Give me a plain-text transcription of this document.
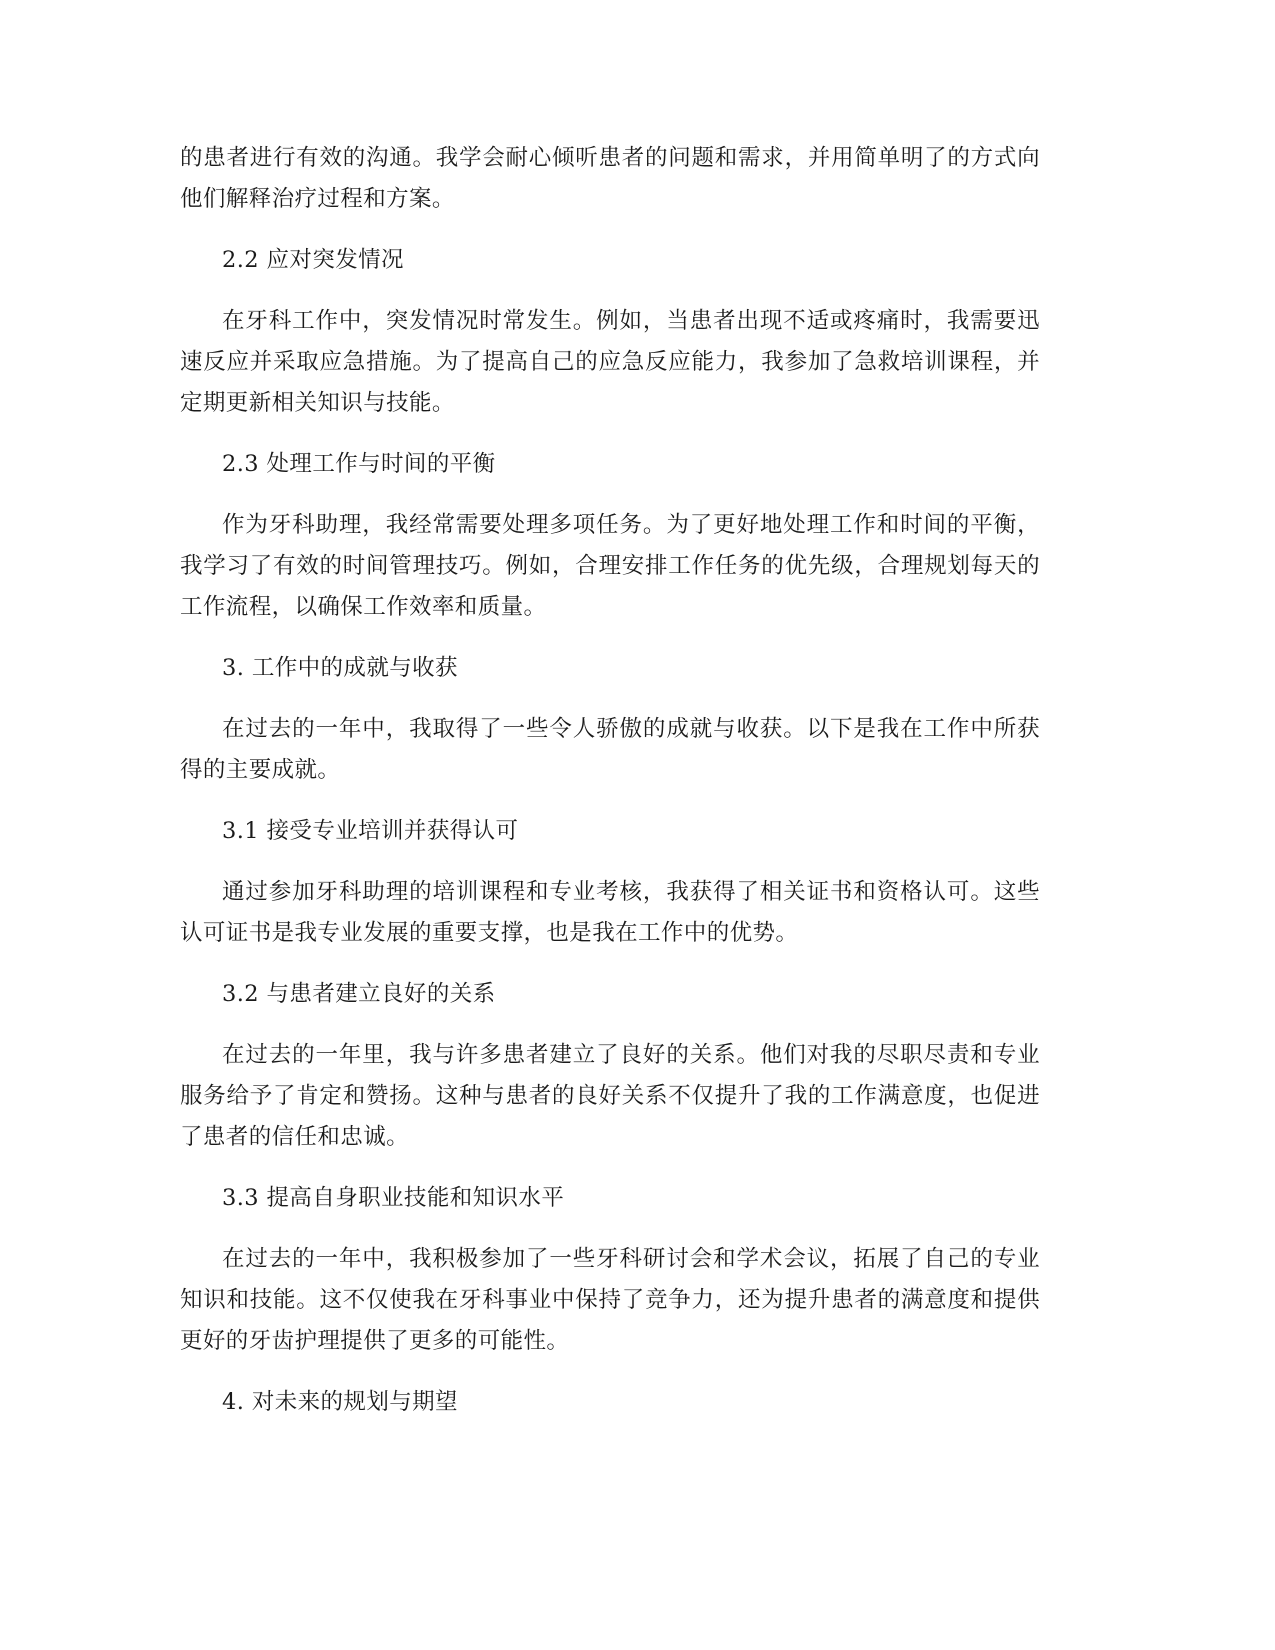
的患者进行有效的沟通。我学会耐心倾听患者的问题和需求，并用简单明了的方式向他们解释治疗过程和方案。

2.2 应对突发情况

在牙科工作中，突发情况时常发生。例如，当患者出现不适或疼痛时，我需要迅速反应并采取应急措施。为了提高自己的应急反应能力，我参加了急救培训课程，并定期更新相关知识与技能。

2.3 处理工作与时间的平衡

作为牙科助理，我经常需要处理多项任务。为了更好地处理工作和时间的平衡，我学习了有效的时间管理技巧。例如，合理安排工作任务的优先级，合理规划每天的工作流程，以确保工作效率和质量。

3. 工作中的成就与收获

在过去的一年中，我取得了一些令人骄傲的成就与收获。以下是我在工作中所获得的主要成就。

3.1 接受专业培训并获得认可

通过参加牙科助理的培训课程和专业考核，我获得了相关证书和资格认可。这些认可证书是我专业发展的重要支撑，也是我在工作中的优势。

3.2 与患者建立良好的关系

在过去的一年里，我与许多患者建立了良好的关系。他们对我的尽职尽责和专业服务给予了肯定和赞扬。这种与患者的良好关系不仅提升了我的工作满意度，也促进了患者的信任和忠诚。

3.3 提高自身职业技能和知识水平

在过去的一年中，我积极参加了一些牙科研讨会和学术会议，拓展了自己的专业知识和技能。这不仅使我在牙科事业中保持了竞争力，还为提升患者的满意度和提供更好的牙齿护理提供了更多的可能性。

4. 对未来的规划与期望
